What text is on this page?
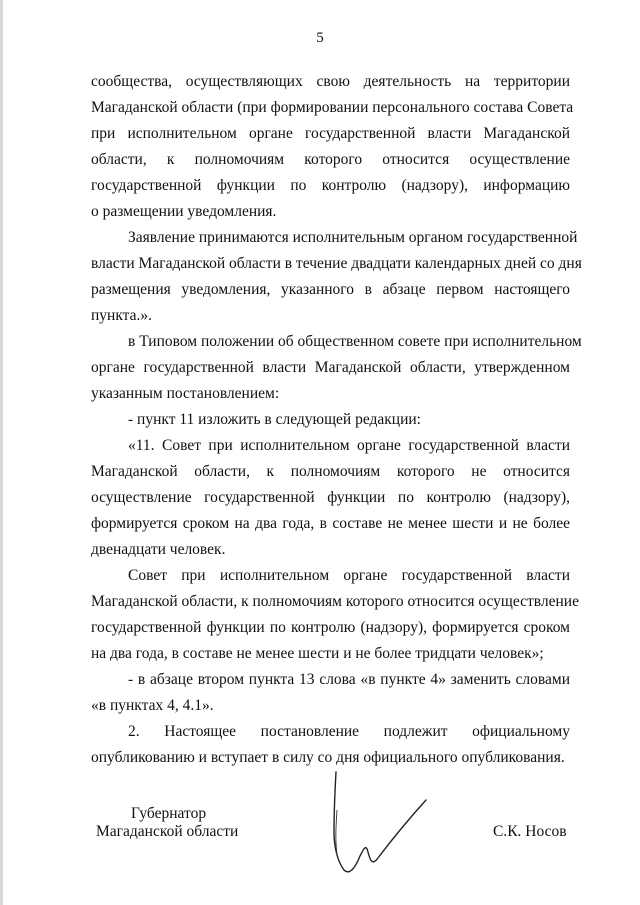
5
сообщества, осуществляющих свою деятельность на территории
Магаданской области (при формировании персонального состава Совета
при исполнительном органе государственной власти Магаданской
области, к полномочиям которого относится осуществление
государственной функции по контролю (надзору), информацию
о размещении уведомления.
Заявление принимаются исполнительным органом государственной
власти Магаданской области в течение двадцати календарных дней со дня
размещения уведомления, указанного в абзаце первом настоящего
пункта.».
в Типовом положении об общественном совете при исполнительном
органе государственной власти Магаданской области, утвержденном
указанным постановлением:
- пункт 11 изложить в следующей редакции:
«11. Совет при исполнительном органе государственной власти
Магаданской области, к полномочиям которого не относится
осуществление государственной функции по контролю (надзору),
формируется сроком на два года, в составе не менее шести и не более
двенадцати человек.
Совет при исполнительном органе государственной власти
Магаданской области, к полномочиям которого относится осуществление
государственной функции по контролю (надзору), формируется сроком
на два года, в составе не менее шести и не более тридцати человек»;
- в абзаце втором пункта 13 слова «в пункте 4» заменить словами
«в пунктах 4, 4.1».
2. Настоящее постановление подлежит официальному
опубликованию и вступает в силу со дня официального опубликования.
Губернатор
Магаданской области	С.К. Носов
